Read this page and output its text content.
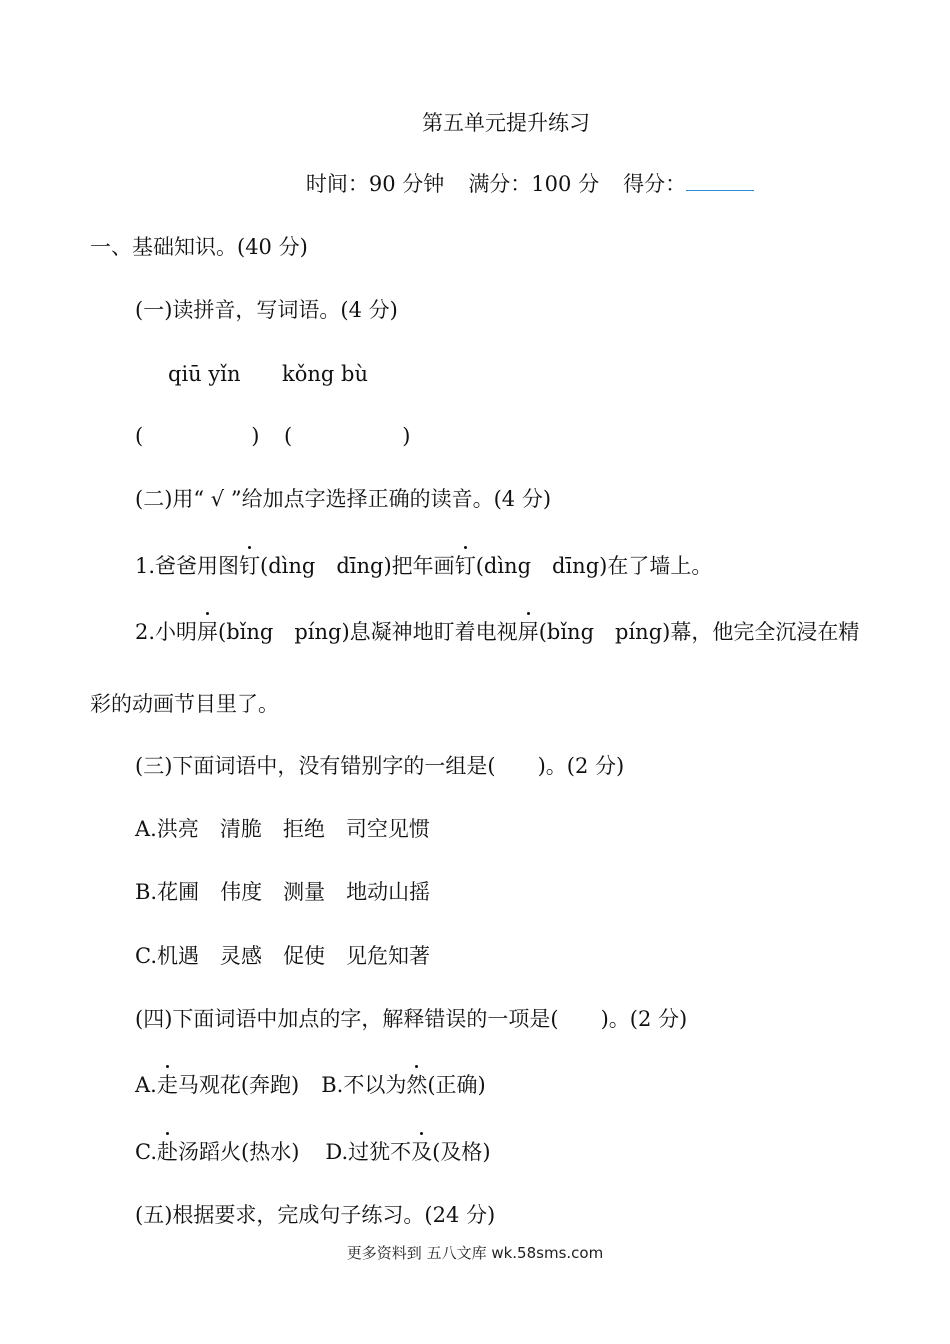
第五单元提升练习
时间：90 分钟 满分：100 分 得分：
一、基础知识。(40 分)
(一)读拼音，写词语。(4 分)
qiū yǐn kǒng bù
(	) (	)
(二)用“ √ ”给加点字选择正确的读音。(4 分)
1.爸爸用图钉(dìng　dīng)把年画钉(dìng　dīng)在了墙上。
2.小明屏(bǐng　píng)息凝神地盯着电视屏(bǐng　píng)幕，他完全沉浸在精
彩的动画节目里了。
(三)下面词语中，没有错别字的一组是(　　)。(2 分)
A.洪亮　清脆　拒绝　司空见惯
B.花圃　伟度　测量　地动山摇
C.机遇　灵感　促使　见危知著
(四)下面词语中加点的字，解释错误的一项是(　　)。(2 分)
A.走马观花(奔跑) B.不以为然(正确)
C.赴汤蹈火(热水) D.过犹不及(及格)
(五)根据要求，完成句子练习。(24 分)
更多资料到 五八文库 wk.58sms.com
